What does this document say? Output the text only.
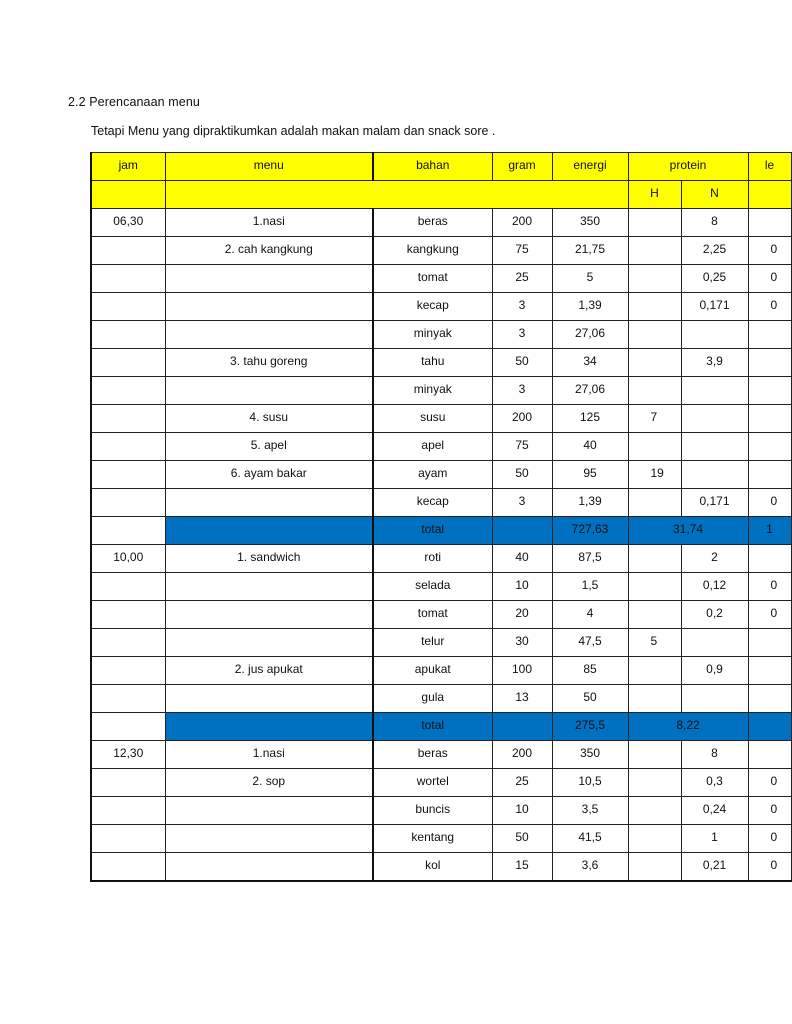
2.2 Perencanaan menu
Tetapi Menu yang dipraktikumkan adalah makan malam dan snack sore .
jam	menu	bahan	gram	energi	protein		le
					H	N	
06,30	1.nasi	beras	200	350		8	
	2. cah kangkung	kangkung	75	21,75		2,25	0
		tomat	25	5		0,25	0
		kecap	3	1,39		0,171	0
		minyak	3	27,06			
	3. tahu goreng	tahu	50	34		3,9	
		minyak	3	27,06			
	4. susu	susu	200	125	7		
	5. apel	apel	75	40			
	6. ayam bakar	ayam	50	95	19		
		kecap	3	1,39		0,171	0
		total		727,63	31,74		1
10,00	1. sandwich	roti	40	87,5		2	
		selada	10	1,5		0,12	0
		tomat	20	4		0,2	0
		telur	30	47,5	5		
	2. jus apukat	apukat	100	85		0,9	
		gula	13	50			
		total		275,5	8,22		
12,30	1.nasi	beras	200	350		8	
	2. sop	wortel	25	10,5		0,3	0
		buncis	10	3,5		0,24	0
		kentang	50	41,5		1	0
		kol	15	3,6		0,21	0
